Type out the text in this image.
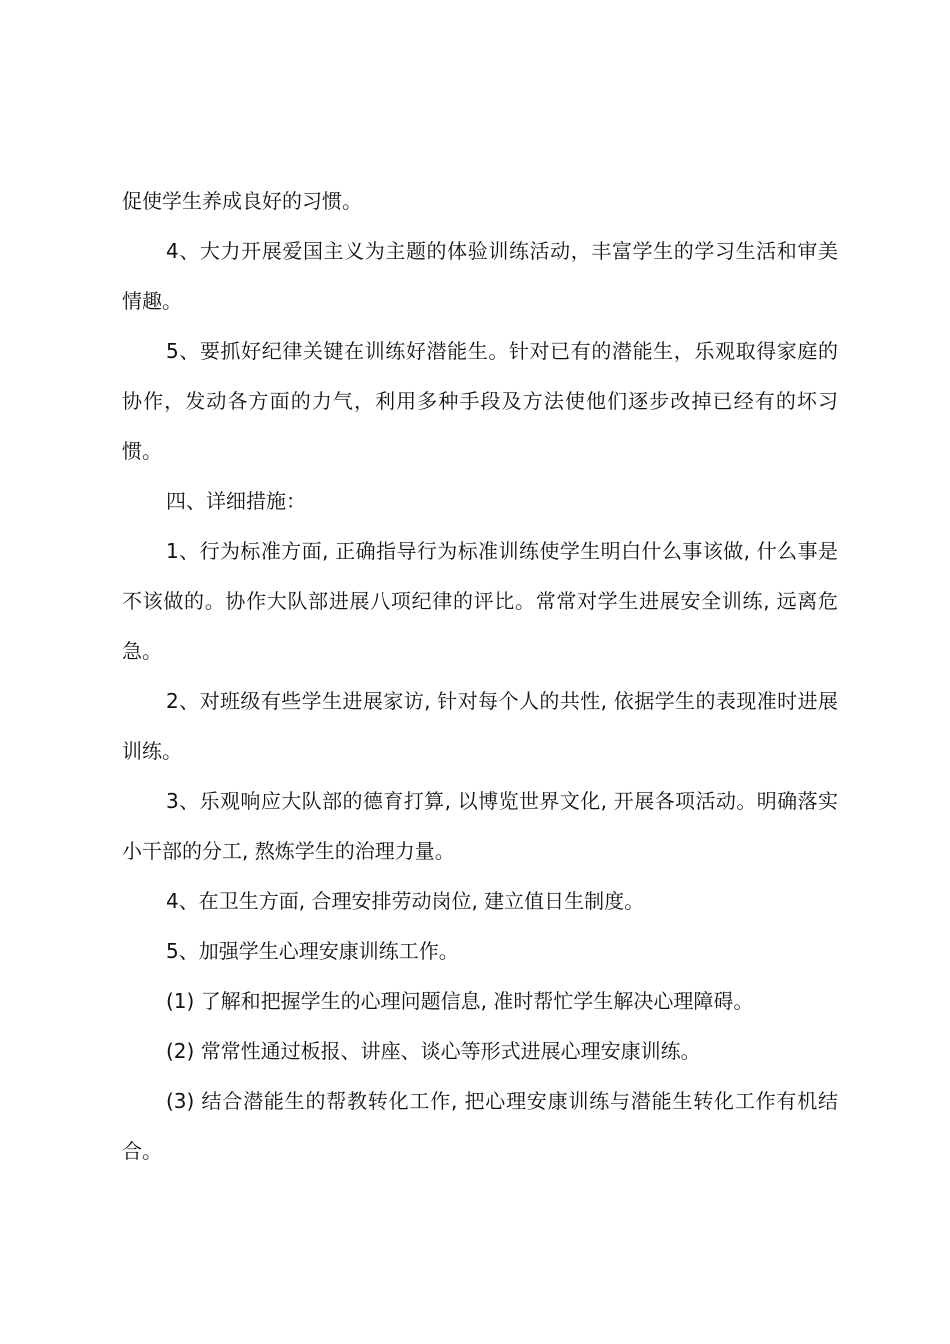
促使学生养成良好的习惯。

4、大力开展爱国主义为主题的体验训练活动，丰富学生的学习生活和审美情趣。

5、要抓好纪律关键在训练好潜能生。针对已有的潜能生，乐观取得家庭的协作，发动各方面的力气，利用多种手段及方法使他们逐步改掉已经有的坏习惯。

四、详细措施：

1、行为标准方面, 正确指导行为标准训练使学生明白什么事该做, 什么事是不该做的。协作大队部进展八项纪律的评比。常常对学生进展安全训练, 远离危急。

2、对班级有些学生进展家访, 针对每个人的共性, 依据学生的表现准时进展训练。

3、乐观响应大队部的德育打算, 以博览世界文化, 开展各项活动。明确落实小干部的分工, 熬炼学生的治理力量。

4、在卫生方面, 合理安排劳动岗位, 建立值日生制度。

5、加强学生心理安康训练工作。

(1) 了解和把握学生的心理问题信息, 准时帮忙学生解决心理障碍。

(2) 常常性通过板报、讲座、谈心等形式进展心理安康训练。

(3) 结合潜能生的帮教转化工作, 把心理安康训练与潜能生转化工作有机结合。
